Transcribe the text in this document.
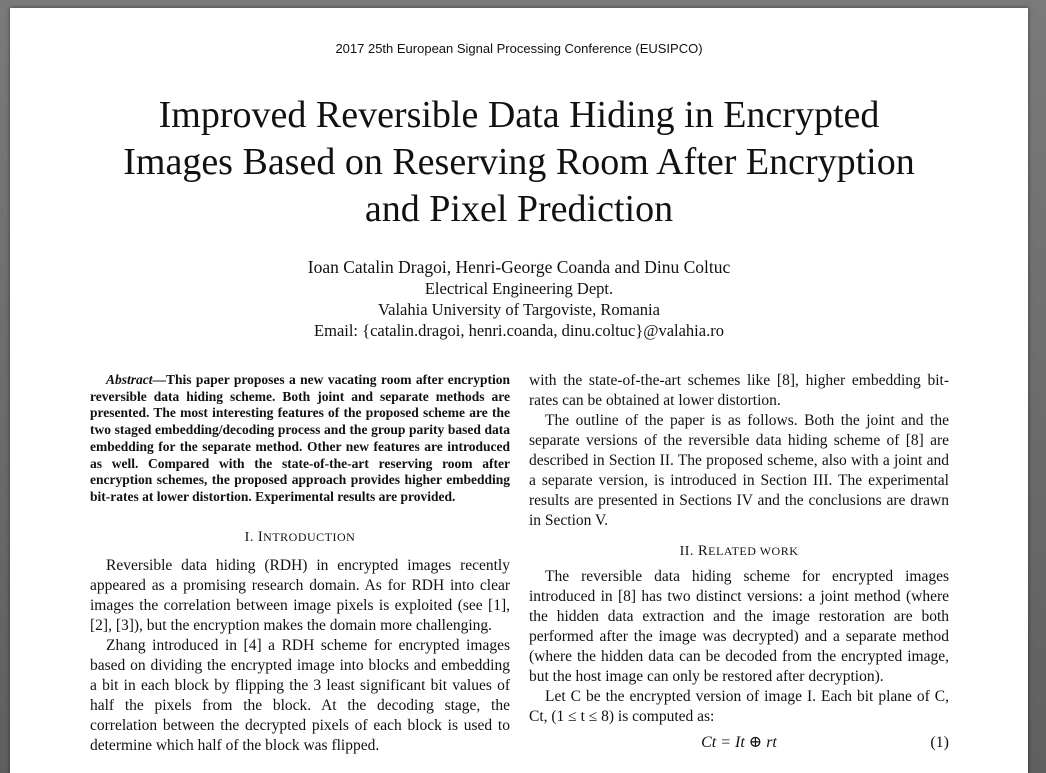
2017 25th European Signal Processing Conference (EUSIPCO)
Improved Reversible Data Hiding in Encrypted
Images Based on Reserving Room After Encryption
and Pixel Prediction
Ioan Catalin Dragoi, Henri-George Coanda and Dinu Coltuc
Electrical Engineering Dept.
Valahia University of Targoviste, Romania
Email: {catalin.dragoi, henri.coanda, dinu.coltuc}@valahia.ro

Abstract—This paper proposes a new vacating room after encryption reversible data hiding scheme. Both joint and separate methods are presented. The most interesting features of the proposed scheme are the two staged embedding/decoding process and the group parity based data embedding for the separate method. Other new features are introduced as well. Compared with the state-of-the-art reserving room after encryption schemes, the proposed approach provides higher embedding bit-rates at lower distortion. Experimental results are provided.

I. INTRODUCTION

Reversible data hiding (RDH) in encrypted images recently appeared as a promising research domain. As for RDH into clear images the correlation between image pixels is exploited (see [1], [2], [3]), but the encryption makes the domain more challenging.

Zhang introduced in [4] a RDH scheme for encrypted images based on dividing the encrypted image into blocks and embedding a bit in each block by flipping the 3 least significant bit values of half the pixels from the block. At the decoding stage, the correlation between the decrypted pixels of each block is used to determine which half of the block was flipped.

with the state-of-the-art schemes like [8], higher embedding bit-rates can be obtained at lower distortion.

The outline of the paper is as follows. Both the joint and the separate versions of the reversible data hiding scheme of [8] are described in Section II. The proposed scheme, also with a joint and a separate version, is introduced in Section III. The experimental results are presented in Sections IV and the conclusions are drawn in Section V.

II. RELATED WORK

The reversible data hiding scheme for encrypted images introduced in [8] has two distinct versions: a joint method (where the hidden data extraction and the image restoration are both performed after the image was decrypted) and a separate method (where the hidden data can be decoded from the encrypted image, but the host image can only be restored after decryption).

Let C be the encrypted version of image I. Each bit plane of C, Ct, (1 ≤ t ≤ 8) is computed as:

Ct = It ⊕ rt	(1)
